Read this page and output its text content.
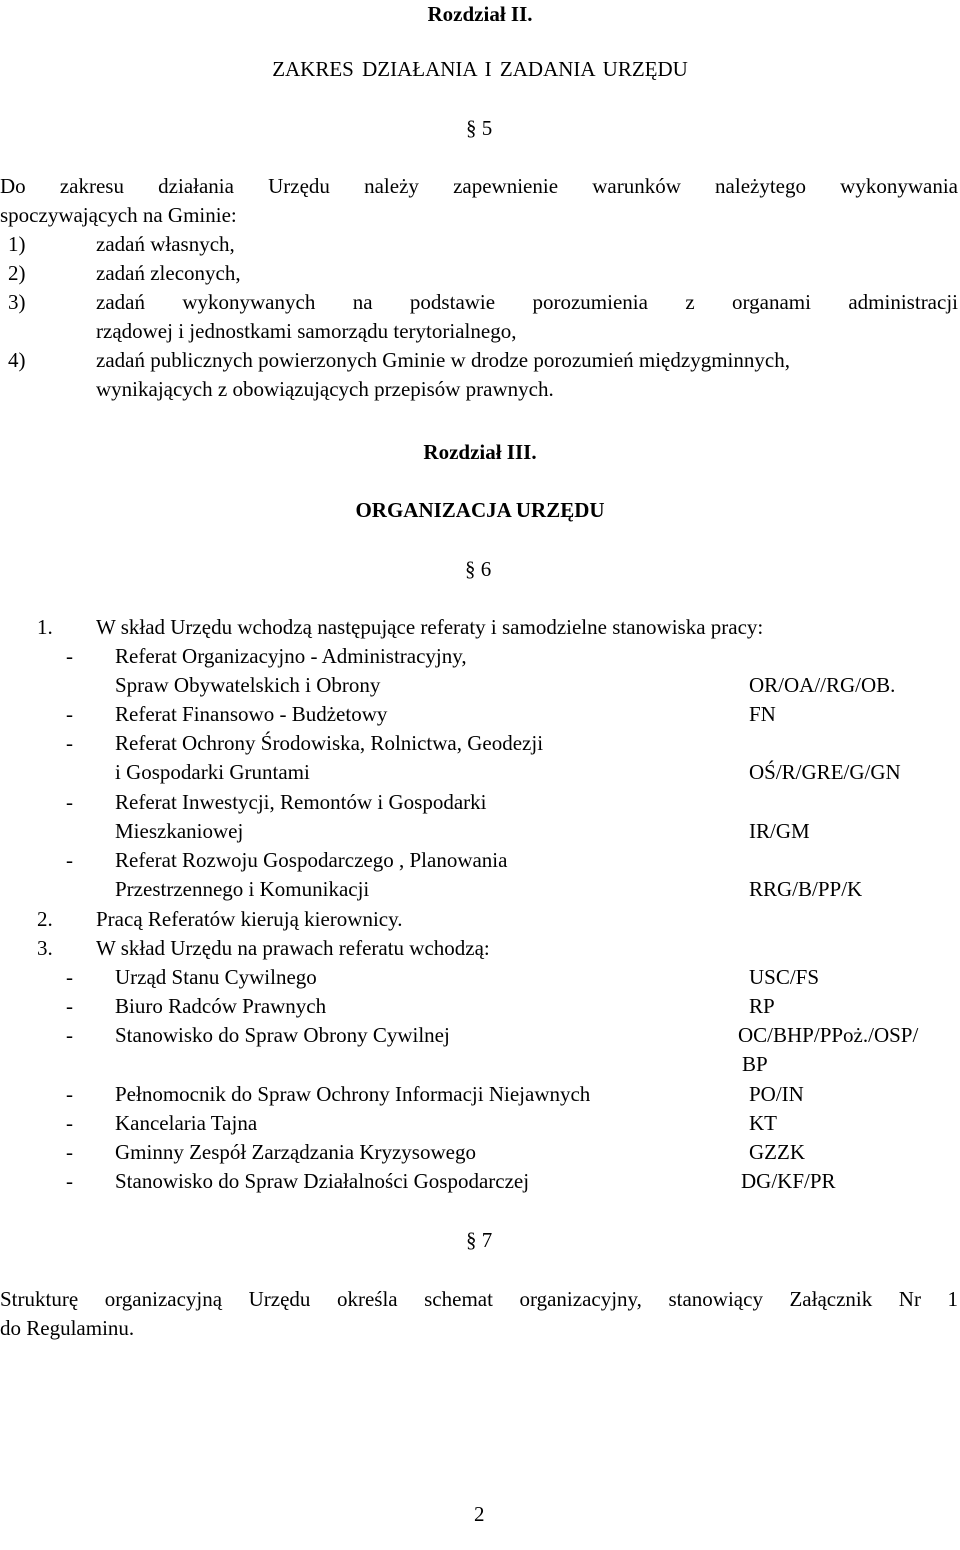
Rozdział II.
ZAKRES DZIAŁANIA I ZADANIA URZĘDU
§ 5
Do zakresu działania Urzędu należy zapewnienie warunków należytego wykonywania
spoczywających na Gminie:
1)	zadań własnych,
2)	zadań zleconych,
3)	zadań wykonywanych na podstawie porozumienia z organami administracji
rządowej i jednostkami samorządu terytorialnego,
4)	zadań publicznych powierzonych Gminie w drodze porozumień międzygminnych,
wynikających z obowiązujących przepisów prawnych.
Rozdział III.
ORGANIZACJA URZĘDU
§ 6
1. W skład Urzędu wchodzą następujące referaty i samodzielne stanowiska pracy:
- Referat Organizacyjno - Administracyjny,
Spraw Obywatelskich i Obrony	OR/OA//RG/OB.
- Referat Finansowo - Budżetowy	FN
- Referat Ochrony Środowiska, Rolnictwa, Geodezji
i Gospodarki Gruntami	OŚ/R/GRE/G/GN
- Referat Inwestycji, Remontów i Gospodarki
Mieszkaniowej	IR/GM
- Referat Rozwoju Gospodarczego , Planowania
Przestrzennego i Komunikacji	RRG/B/PP/K
2. Pracą Referatów kierują kierownicy.
3. W skład Urzędu na prawach referatu wchodzą:
- Urząd Stanu Cywilnego	USC/FS
- Biuro Radców Prawnych	RP
- Stanowisko do Spraw Obrony Cywilnej	OC/BHP/PPoż./OSP/
BP
- Pełnomocnik do Spraw Ochrony Informacji Niejawnych	PO/IN
- Kancelaria Tajna	KT
- Gminny Zespół Zarządzania Kryzysowego	GZZK
- Stanowisko do Spraw Działalności Gospodarczej	DG/KF/PR
§ 7
Strukturę organizacyjną Urzędu określa schemat organizacyjny, stanowiący Załącznik Nr 1
do Regulaminu.
2
